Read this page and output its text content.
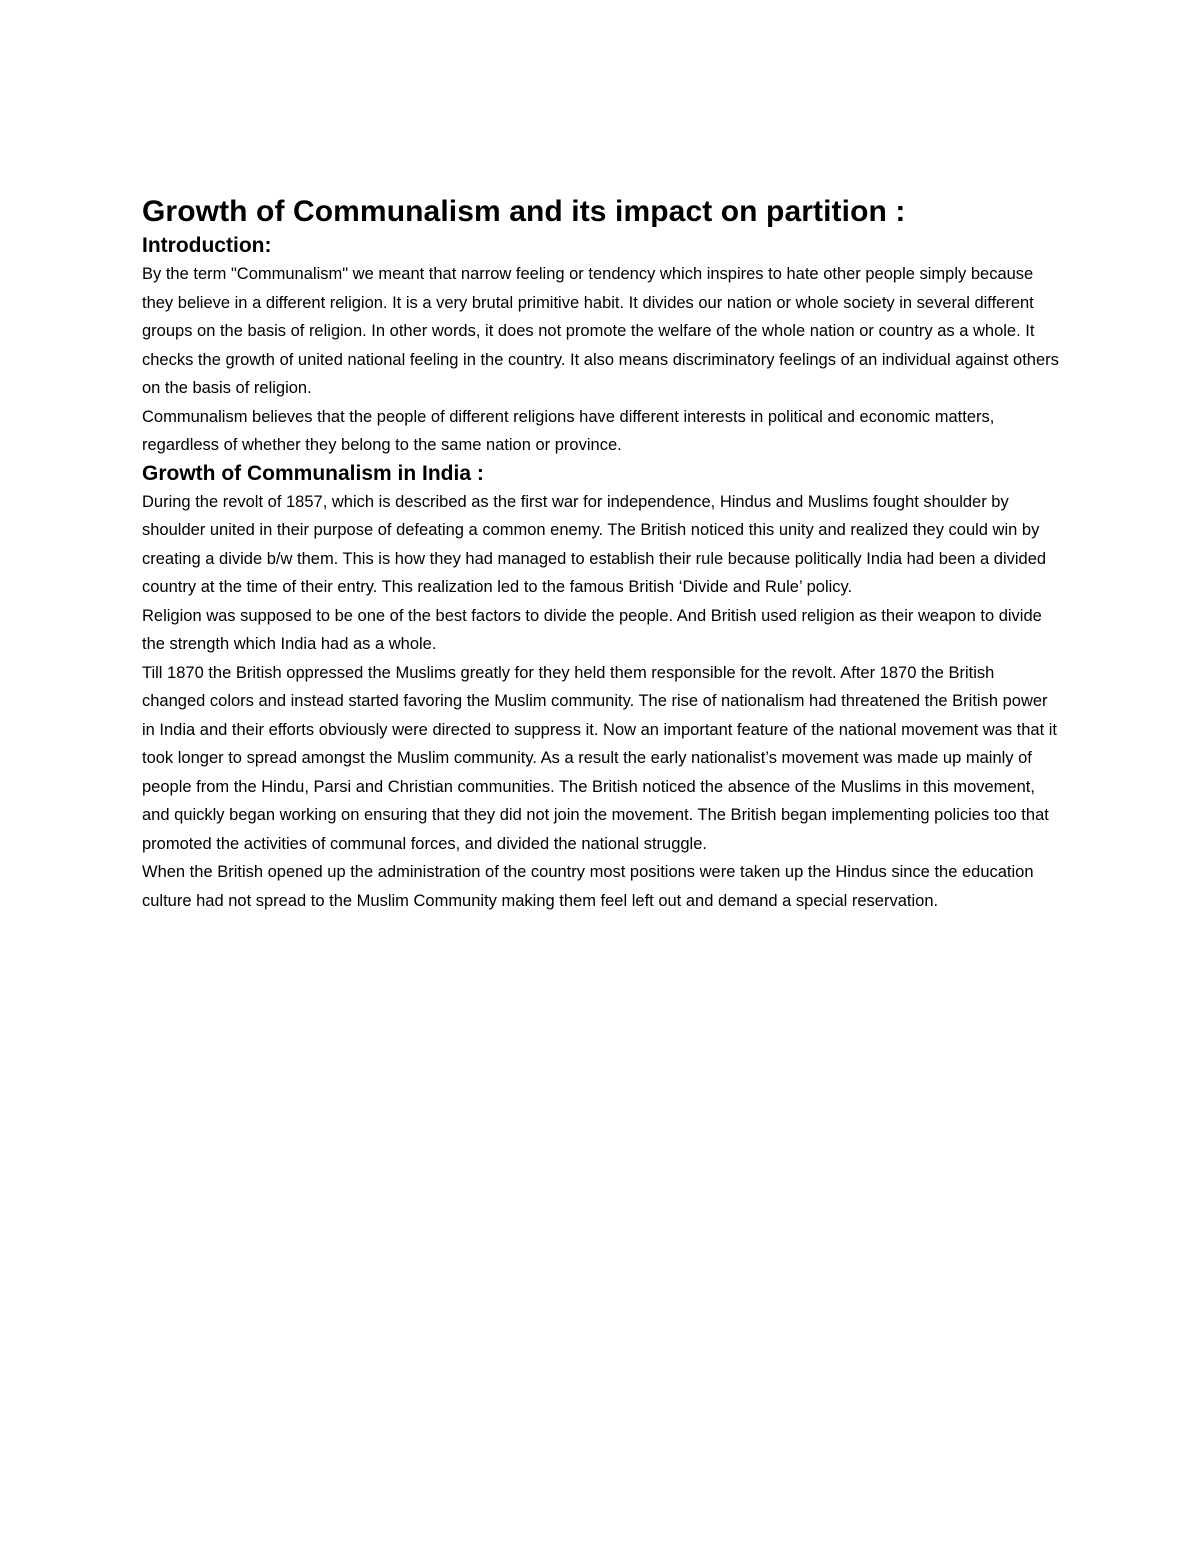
Growth of Communalism and its impact on partition :
Introduction:

By the term "Communalism" we meant that narrow feeling or tendency which inspires to hate other people simply because they believe in a different religion. It is a very brutal primitive habit. It divides our nation or whole society in several different groups on the basis of religion. In other words, it does not promote the welfare of the whole nation or country as a whole. It checks the growth of united national feeling in the country. It also means discriminatory feelings of an individual against others on the basis of religion.

Communalism believes that the people of different religions have different interests in political and economic matters, regardless of whether they belong to the same nation or province.

Growth of Communalism in India :

During the revolt of 1857, which is described as the first war for independence, Hindus and Muslims fought shoulder by shoulder united in their purpose of defeating a common enemy. The British noticed this unity and realized they could win by creating a divide b/w them. This is how they had managed to establish their rule because politically India had been a divided country at the time of their entry. This realization led to the famous British ‘Divide and Rule’ policy.

Religion was supposed to be one of the best factors to divide the people. And British used religion as their weapon to divide the strength which India had as a whole.

Till 1870 the British oppressed the Muslims greatly for they held them responsible for the revolt. After 1870 the British changed colors and instead started favoring the Muslim community. The rise of nationalism had threatened the British power in India and their efforts obviously were directed to suppress it. Now an important feature of the national movement was that it took longer to spread amongst the Muslim community. As a result the early nationalist’s movement was made up mainly of people from the Hindu, Parsi and Christian communities. The British noticed the absence of the Muslims in this movement, and quickly began working on ensuring that they did not join the movement. The British began implementing policies too that promoted the activities of communal forces, and divided the national struggle.

When the British opened up the administration of the country most positions were taken up the Hindus since the education culture had not spread to the Muslim Community making them feel left out and demand a special reservation.
